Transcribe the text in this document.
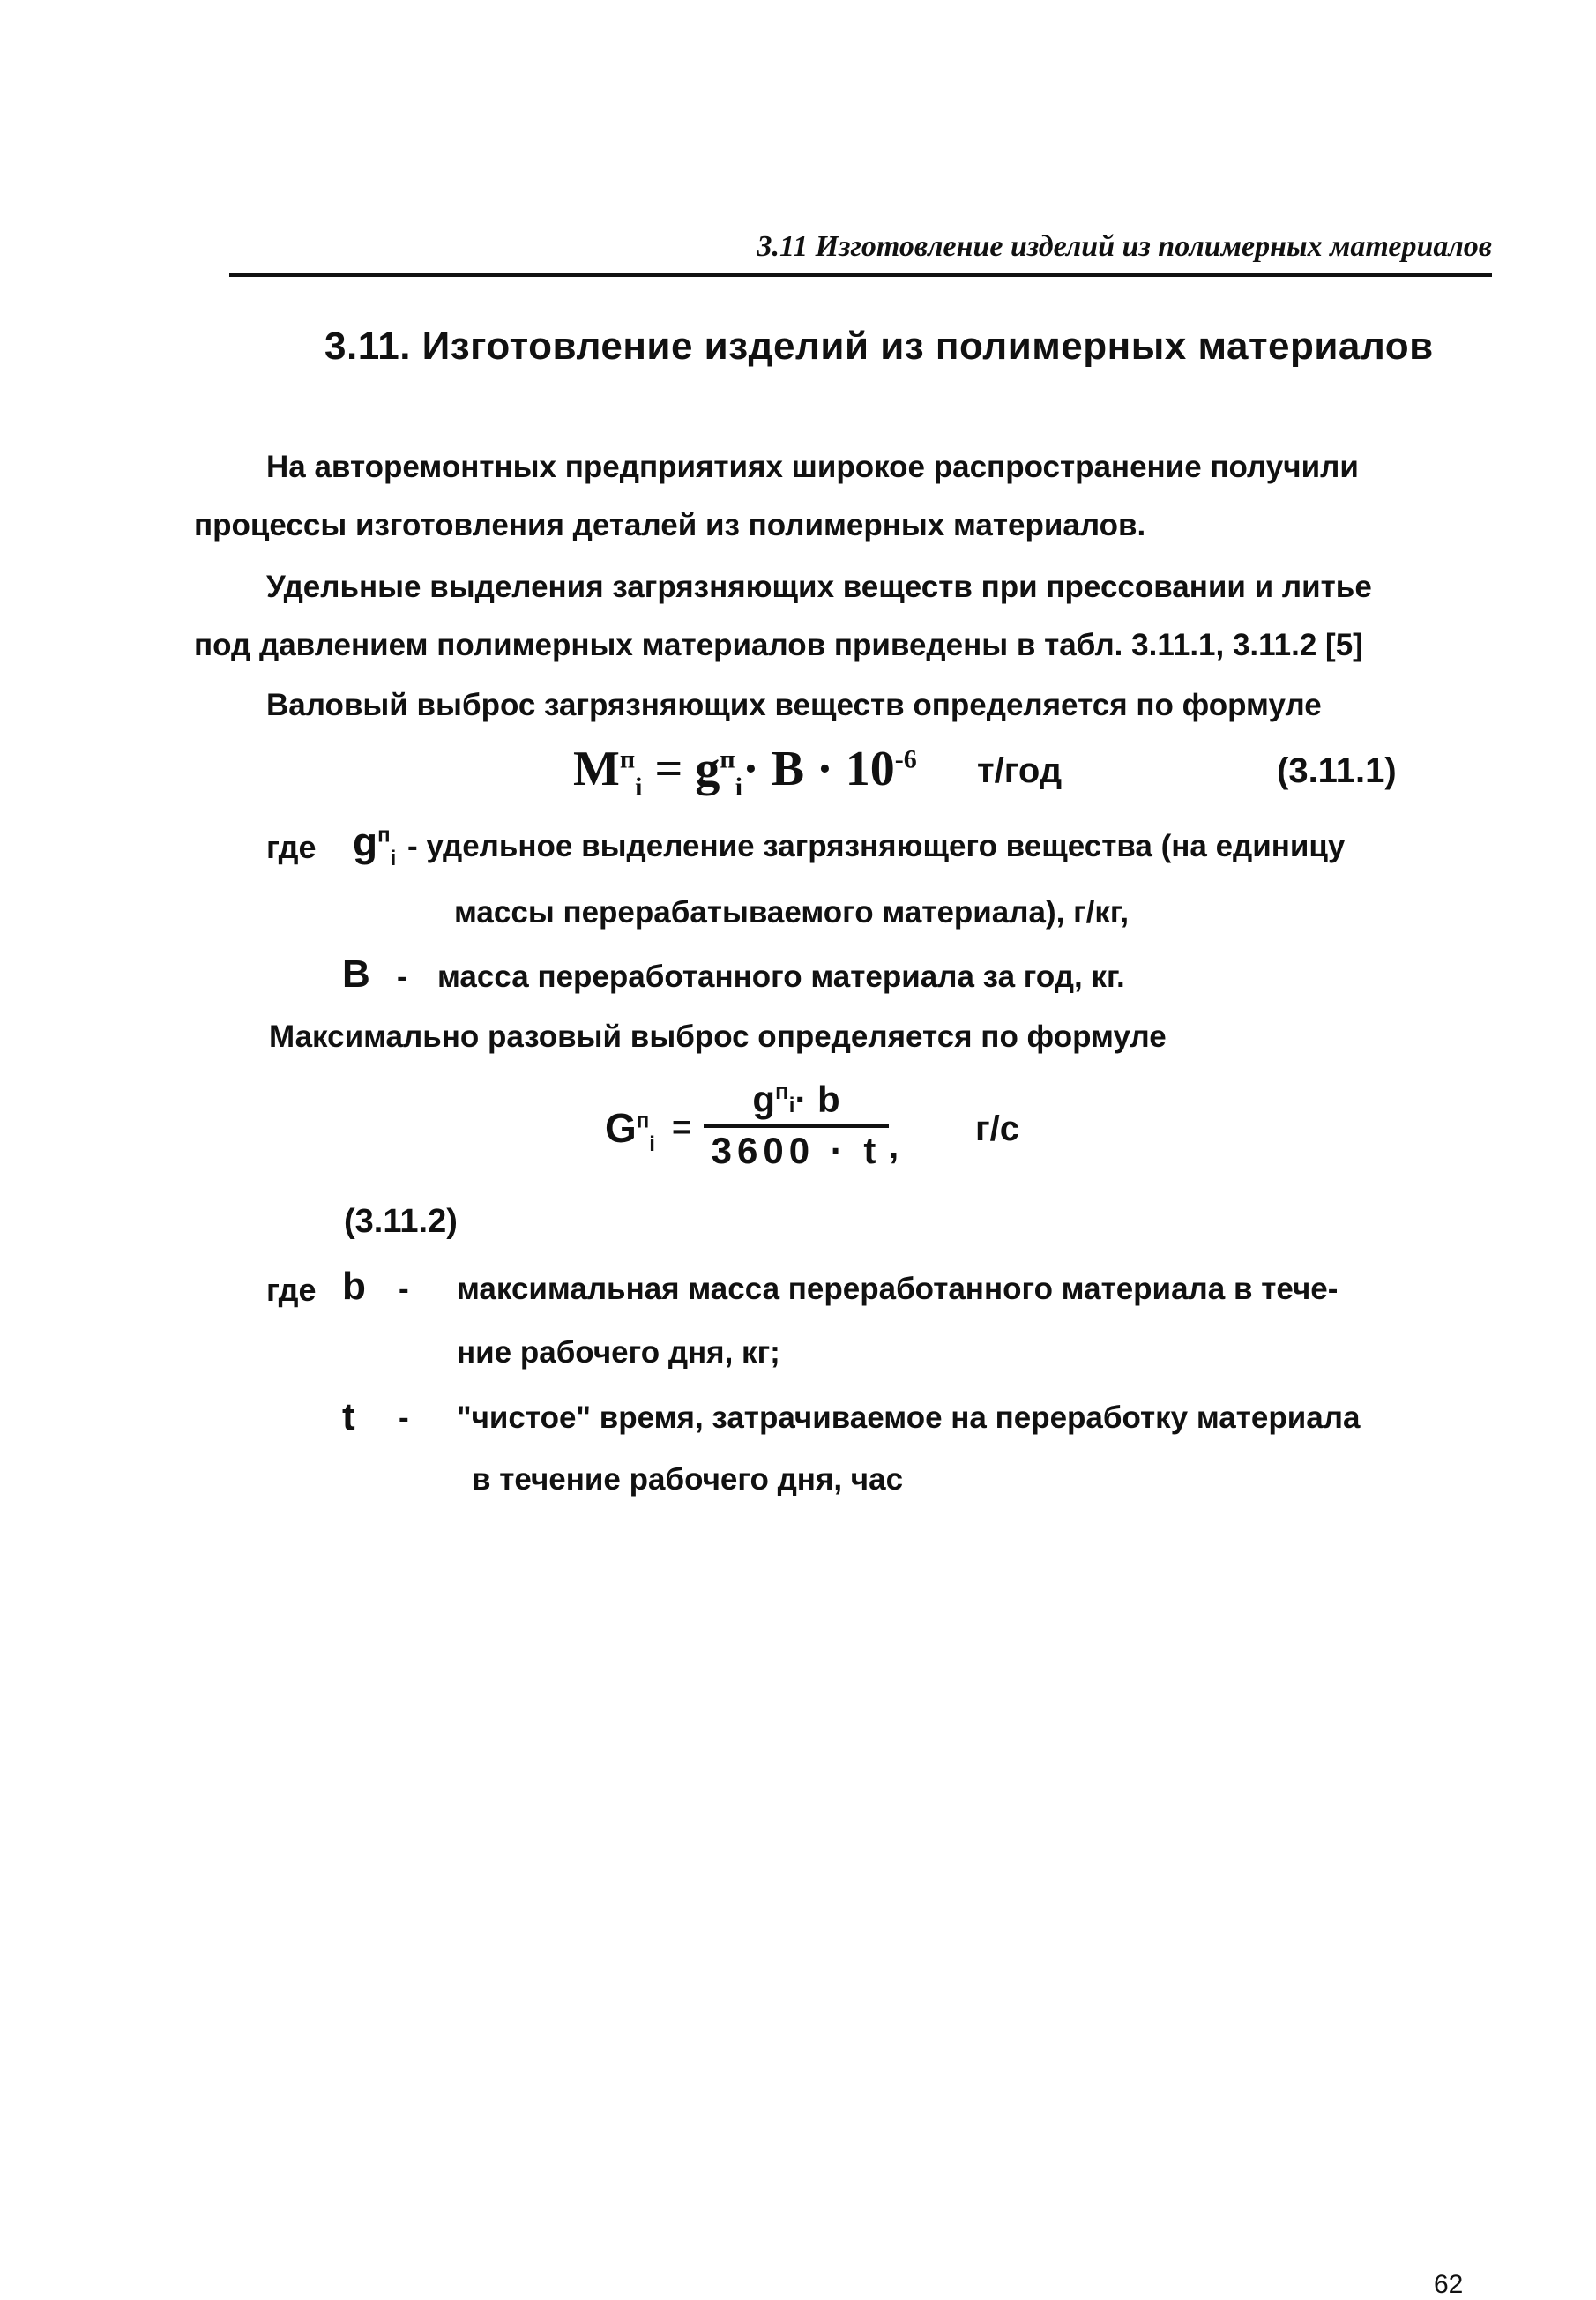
3.11 Изготовление изделий из полимерных материалов
3.11. Изготовление изделий из полимерных материалов
На авторемонтных предприятиях широкое распространение получили
процессы изготовления деталей из полимерных материалов.
Удельные выделения загрязняющих веществ при прессовании и литье
под давлением полимерных материалов приведены в табл. 3.11.1, 3.11.2 [5]
Валовый выброс загрязняющих веществ определяется по формуле
$M^п_i = g^п_i\cdot B \cdot 10^{-6}$ т/год	(3.11.1)
где $g^п_i$ - удельное выделение загрязняющего вещества (на единицу
массы перерабатываемого материала), г/кг,
B - масса переработанного материала за год, кг.
Максимально разовый выброс определяется по формуле
$G^п_i$ =
$g^пi\cdot b$
3600 · t , г/с
(3.11.2)
где b - максимальная масса переработанного материала в тече-
ние рабочего дня, кг;
t - "чистое" время, затрачиваемое на переработку материала
в течение рабочего дня, час
62
